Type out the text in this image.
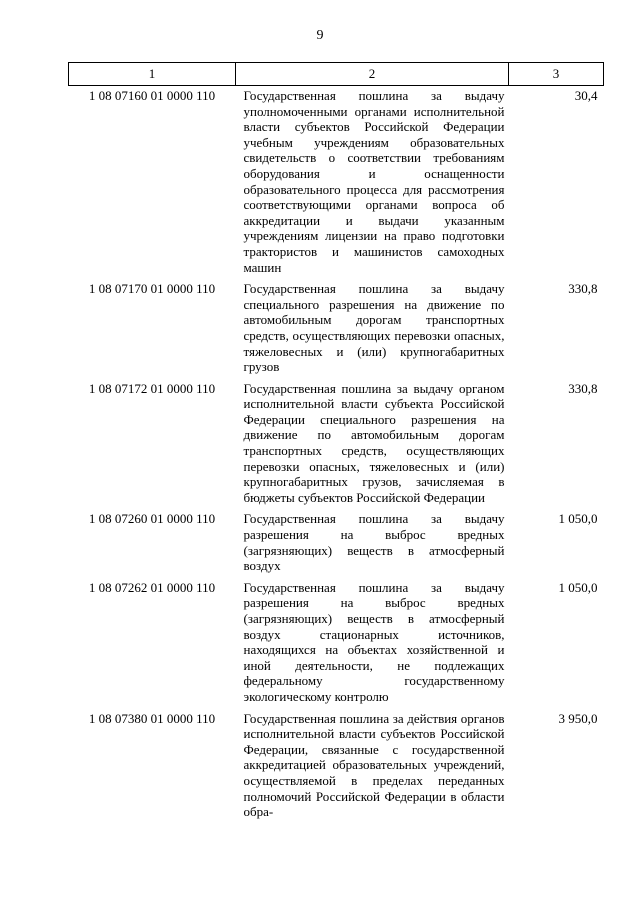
9
1	2	3
1 08 07160 01 0000 110	Государственная пошлина за выдачу уполномоченными органами исполнительной власти субъектов Российской Федерации учебным учреждениям образовательных свидетельств о соответствии требованиям оборудования и оснащенности образовательного процесса для рассмотрения соответствующими органами вопроса об аккредитации и выдачи указанным учреждениям лицензии на право подготовки трактористов и машинистов самоходных машин	30,4
1 08 07170 01 0000 110	Государственная пошлина за выдачу специального разрешения на движение по автомобильным дорогам транспортных средств, осуществляющих перевозки опасных, тяжеловесных и (или) крупногабаритных грузов	330,8
1 08 07172 01 0000 110	Государственная пошлина за выдачу органом исполнительной власти субъекта Российской Федерации специального разрешения на движение по автомобильным дорогам транспортных средств, осуществляющих перевозки опасных, тяжеловесных и (или) крупногабаритных грузов, зачисляемая в бюджеты субъектов Российской Федерации	330,8
1 08 07260 01 0000 110	Государственная пошлина за выдачу разрешения на выброс вредных (загрязняющих) веществ в атмосферный воздух	1 050,0
1 08 07262 01 0000 110	Государственная пошлина за выдачу разрешения на выброс вредных (загрязняющих) веществ в атмосферный воздух стационарных источников, находящихся на объектах хозяйственной и иной деятельности, не подлежащих федеральному государственному экологическому контролю	1 050,0
1 08 07380 01 0000 110	Государственная пошлина за действия органов исполнительной власти субъектов Российской Федерации, связанные с государственной аккредитацией образовательных учреждений, осуществляемой в пределах переданных полномочий Российской Федерации в области обра-	3 950,0
